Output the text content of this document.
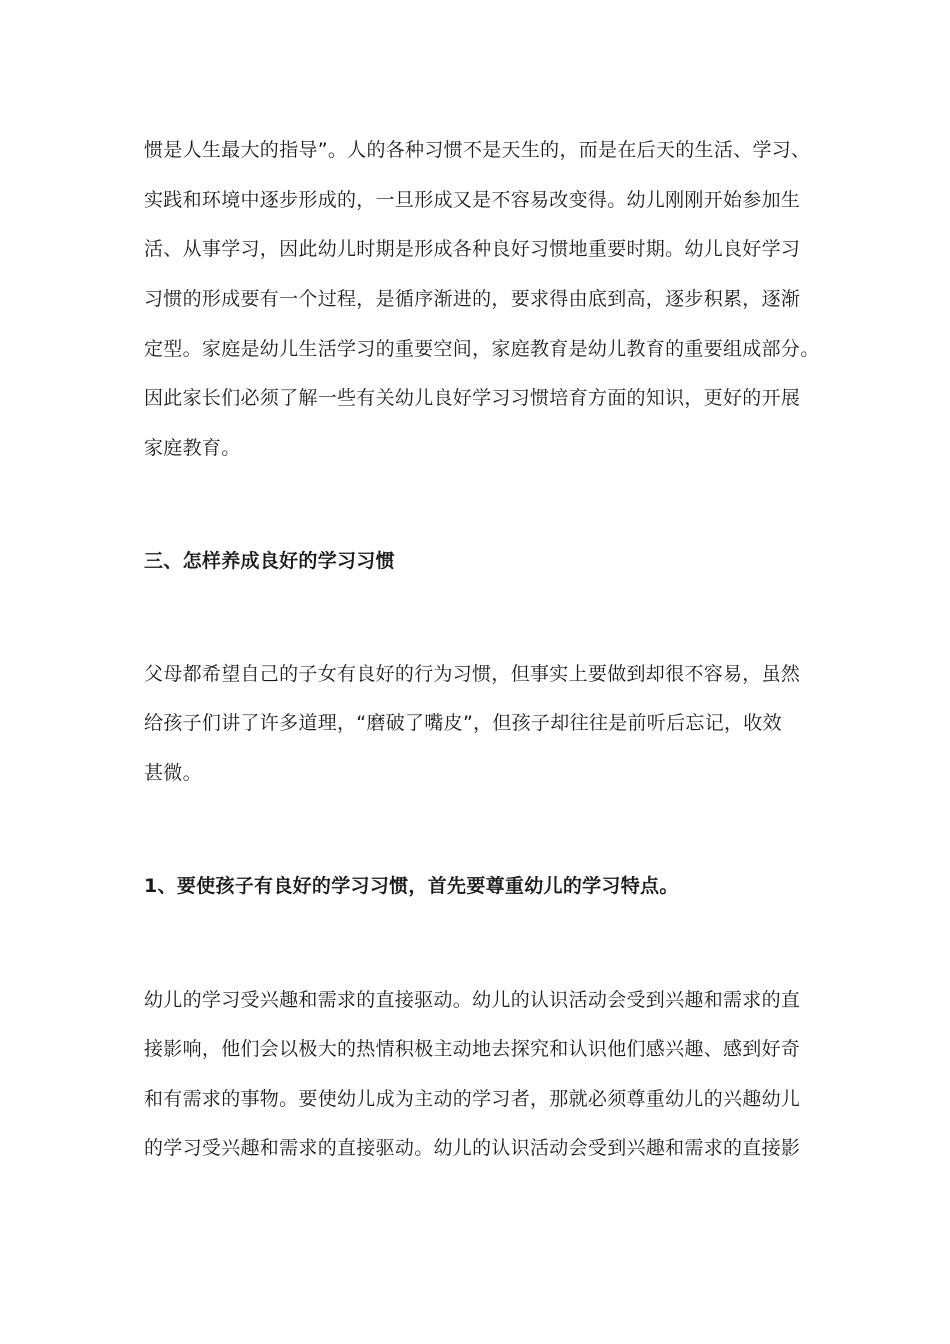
惯是人生最大的指导”。人的各种习惯不是天生的，而是在后天的生活、学习、
实践和环境中逐步形成的，一旦形成又是不容易改变得。幼儿刚刚开始参加生
活、从事学习，因此幼儿时期是形成各种良好习惯地重要时期。幼儿良好学习
习惯的形成要有一个过程，是循序渐进的，要求得由底到高，逐步积累，逐渐
定型。家庭是幼儿生活学习的重要空间，家庭教育是幼儿教育的重要组成部分。
因此家长们必须了解一些有关幼儿良好学习习惯培育方面的知识，更好的开展
家庭教育。
三、怎样养成良好的学习习惯
父母都希望自己的子女有良好的行为习惯，但事实上要做到却很不容易，虽然
给孩子们讲了许多道理，“磨破了嘴皮”，但孩子却往往是前听后忘记，收效
甚微。
1、要使孩子有良好的学习习惯，首先要尊重幼儿的学习特点。
幼儿的学习受兴趣和需求的直接驱动。幼儿的认识活动会受到兴趣和需求的直
接影响，他们会以极大的热情积极主动地去探究和认识他们感兴趣、感到好奇
和有需求的事物。要使幼儿成为主动的学习者，那就必须尊重幼儿的兴趣幼儿
的学习受兴趣和需求的直接驱动。幼儿的认识活动会受到兴趣和需求的直接影
